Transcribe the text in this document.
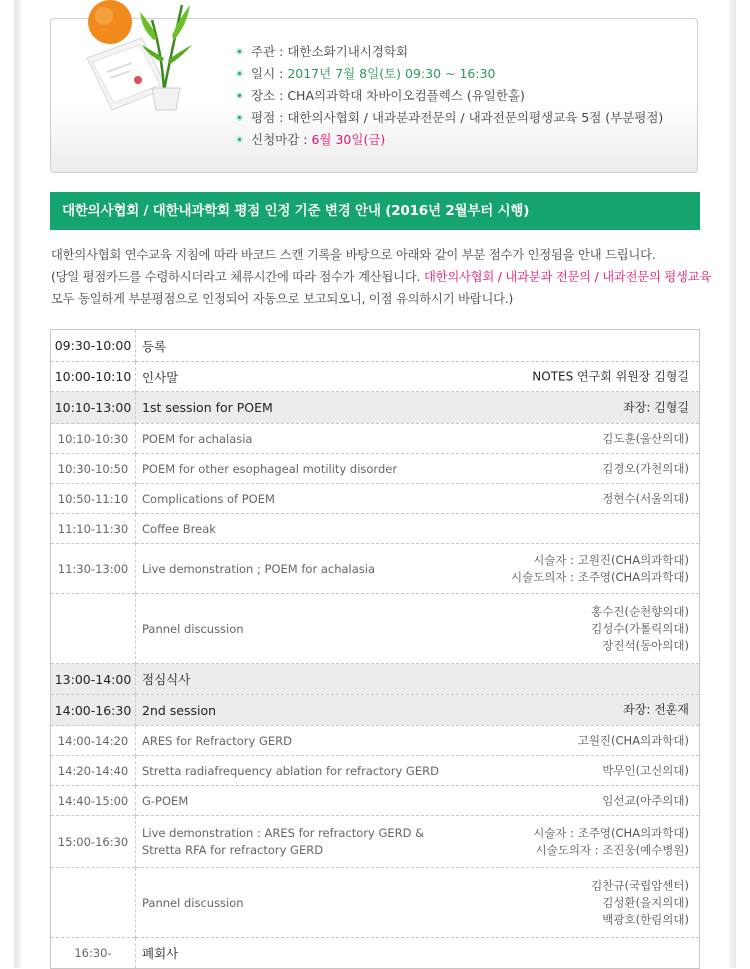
주관 : 대한소화기내시경학회
일시 : 2017년 7월 8일(토) 09:30 ~ 16:30
장소 : CHA의과학대 차바이오컴플렉스 (유일한홀)
평점 : 대한의사협회 / 내과분과전문의 / 내과전문의평생교육 5점 (부분평점)
신청마감 : 6월 30일(금)
대한의사협회 / 대한내과학회 평점 인정 기준 변경 안내 (2016년 2월부터 시행)

대한의사협회 연수교육 지침에 따라 바코드 스캔 기록을 바탕으로 아래와 같이 부분 점수가 인정됨을 안내 드립니다.

(당일 평점카드를 수령하시더라고 체류시간에 따라 점수가 계산됩니다. 대한의사협회 / 내과분과 전문의 / 내과전문의 평생교육

모두 동일하게 부분평점으로 인정되어 자동으로 보고되오니, 이점 유의하시기 바랍니다.)

09:30-10:00	등록
10:00-10:10	인사말 NOTES 연구회 위원장 김형길

10:10-13:00	1st session for POEM 좌장: 김형길

10:10-10:30	POEM for achalasia 김도훈(울산의대)

10:30-10:50	POEM for other esophageal motility disorder 김경오(가천의대)

10:50-11:10	Complications of POEM 정현수(서울의대)

11:10-11:30	Coffee Break
11:30-13:00	Live demonstration ; POEM for achalasia
시술자 : 고원진(CHA의과학대)
시술도의자 : 조주영(CHA의과학대)

	Pannel discussion
홍수진(순천향의대)
김성수(가톨릭의대)
장진석(동아의대)

13:00-14:00	점심식사
14:00-16:30	2nd session 좌장: 전훈재

14:00-14:20	ARES for Refractory GERD 고원진(CHA의과학대)

14:20-14:40	Stretta radiafrequency ablation for refractory GERD 박무인(고신의대)

14:40-15:00	G-POEM 임선교(아주의대)

15:00-16:30	Live demonstration : ARES for refractory GERD &
Stretta RFA for refractory GERD
시술자 : 조주영(CHA의과학대)
시술도의자 : 조진웅(예수병원)

	Pannel discussion
김찬규(국립암센터)
김성환(을지의대)
백광호(한림의대)

16:30-	폐회사
